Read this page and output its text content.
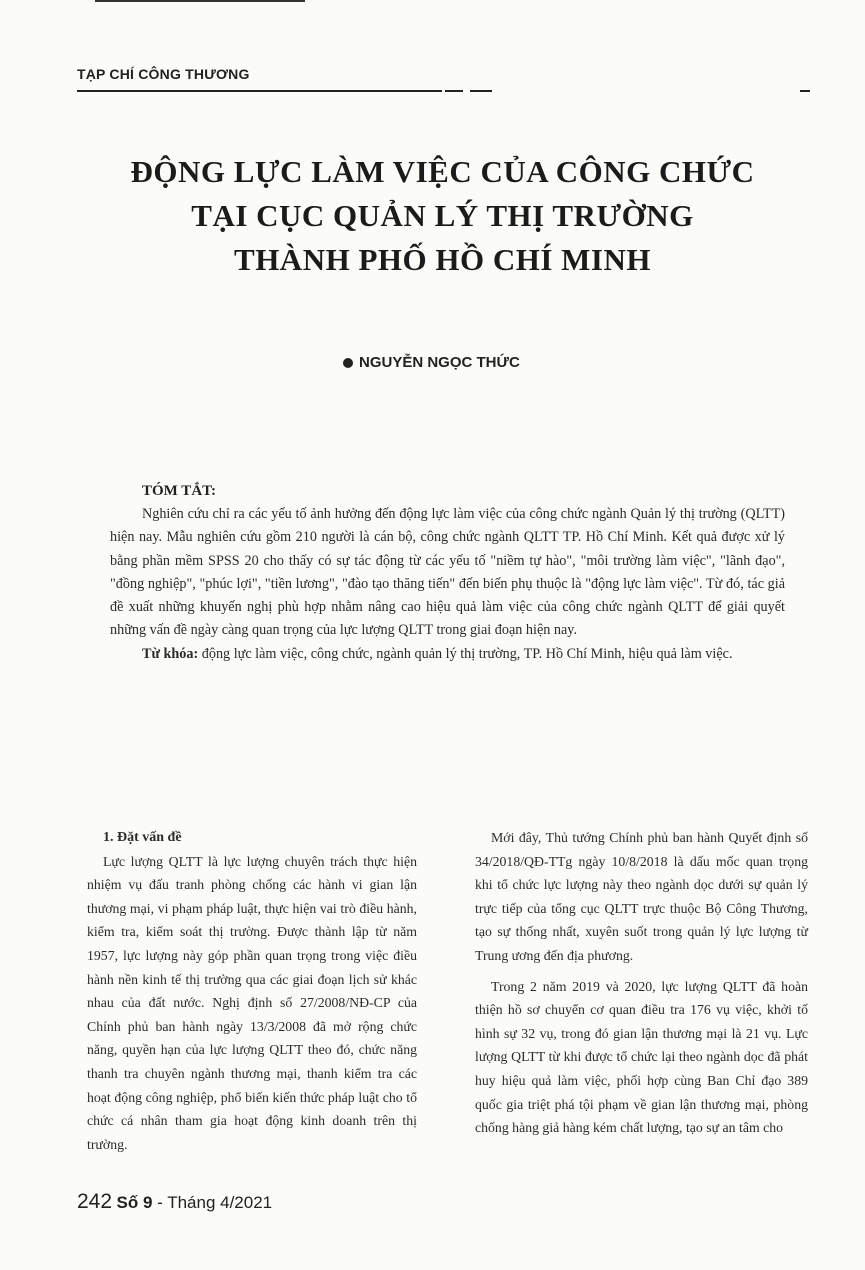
TẠP CHÍ CÔNG THƯƠNG
ĐỘNG LỰC LÀM VIỆC CỦA CÔNG CHỨC
TẠI CỤC QUẢN LÝ THỊ TRƯỜNG
THÀNH PHỐ HỒ CHÍ MINH
NGUYỄN NGỌC THỨC
TÓM TẮT:

Nghiên cứu chỉ ra các yếu tố ảnh hưởng đến động lực làm việc của công chức ngành Quản lý thị trường (QLTT) hiện nay. Mẫu nghiên cứu gồm 210 người là cán bộ, công chức ngành QLTT TP. Hồ Chí Minh. Kết quả được xử lý bằng phần mềm SPSS 20 cho thấy có sự tác động từ các yếu tố "niềm tự hào", "môi trường làm việc", "lãnh đạo", "đồng nghiệp", "phúc lợi", "tiền lương", "đào tạo thăng tiến" đến biến phụ thuộc là "động lực làm việc". Từ đó, tác giả đề xuất những khuyến nghị phù hợp nhằm nâng cao hiệu quả làm việc của công chức ngành QLTT để giải quyết những vấn đề ngày càng quan trọng của lực lượng QLTT trong giai đoạn hiện nay.

Từ khóa: động lực làm việc, công chức, ngành quản lý thị trường, TP. Hồ Chí Minh, hiệu quả làm việc.

1. Đặt vấn đề

Lực lượng QLTT là lực lượng chuyên trách thực hiện nhiệm vụ đấu tranh phòng chống các hành vi gian lận thương mại, vi phạm pháp luật, thực hiện vai trò điều hành, kiểm tra, kiểm soát thị trường. Được thành lập từ năm 1957, lực lượng này góp phần quan trọng trong việc điều hành nền kinh tế thị trường qua các giai đoạn lịch sử khác nhau của đất nước. Nghị định số 27/2008/NĐ-CP của Chính phủ ban hành ngày 13/3/2008 đã mở rộng chức năng, quyền hạn của lực lượng QLTT theo đó, chức năng thanh tra chuyên ngành thương mại, thanh kiểm tra các hoạt động công nghiệp, phổ biến kiến thức pháp luật cho tổ chức cá nhân tham gia hoạt động kinh doanh trên thị trường.

Mới đây, Thủ tướng Chính phủ ban hành Quyết định số 34/2018/QĐ-TTg ngày 10/8/2018 là dấu mốc quan trọng khi tổ chức lực lượng này theo ngành dọc dưới sự quản lý trực tiếp của tổng cục QLTT trực thuộc Bộ Công Thương, tạo sự thống nhất, xuyên suốt trong quản lý lực lượng từ Trung ương đến địa phương.

Trong 2 năm 2019 và 2020, lực lượng QLTT đã hoàn thiện hồ sơ chuyển cơ quan điều tra 176 vụ việc, khởi tố hình sự 32 vụ, trong đó gian lận thương mại là 21 vụ. Lực lượng QLTT từ khi được tổ chức lại theo ngành dọc đã phát huy hiệu quả làm việc, phối hợp cùng Ban Chỉ đạo 389 quốc gia triệt phá tội phạm về gian lận thương mại, phòng chống hàng giả hàng kém chất lượng, tạo sự an tâm cho

242 Số 9 - Tháng 4/2021
